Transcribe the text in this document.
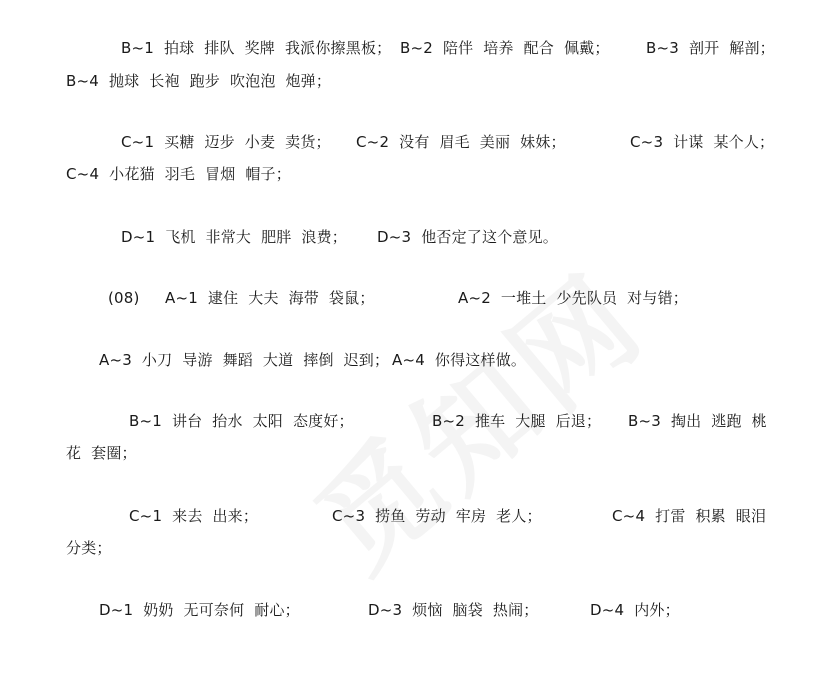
B~1  拍球  排队  奖牌  我派你擦黑板； B~2  陪伴  培养  配合  佩戴； B~3  剖开  解剖；
B~4  抛球  长袍  跑步  吹泡泡  炮弹；
C~1  买糖  迈步  小麦  卖货； C~2  没有  眉毛  美丽  妹妹；	C~3  计谋  某个人；
C~4  小花猫  羽毛  冒烟  帽子；
D~1  飞机  非常大  肥胖  浪费； D~3  他否定了这个意见。
(08) A~1  逮住  大夫  海带  袋鼠；	A~2  一堆土  少先队员  对与错；
A~3  小刀  导游  舞蹈  大道  摔倒  迟到； A~4  你得这样做。
B~1  讲台  抬水  太阳  态度好；	B~2  推车  大腿  后退； B~3  掏出  逃跑  桃
花  套圈；
C~1  来去  出来；	C~3  捞鱼  劳动  牢房  老人；	C~4  打雷  积累  眼泪
分类；
D~1  奶奶  无可奈何  耐心；	D~3  烦恼  脑袋  热闹；	D~4  内外；
